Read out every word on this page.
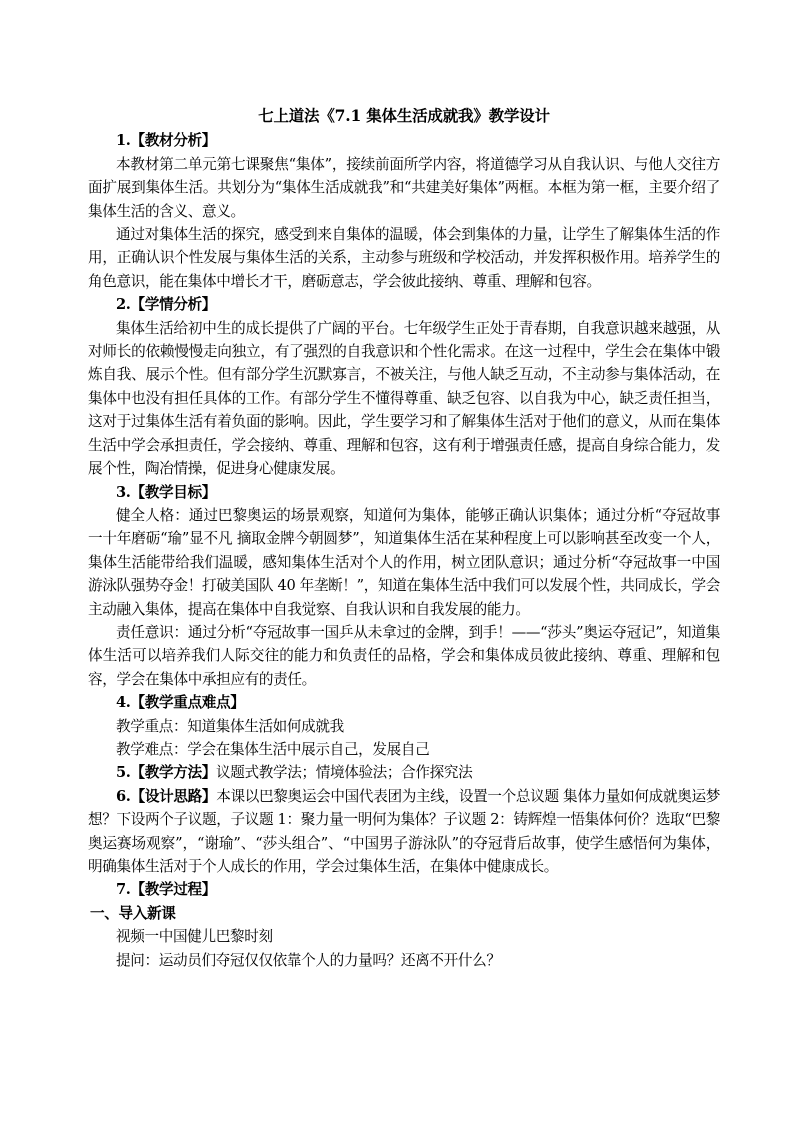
七上道法《7.1 集体生活成就我》教学设计
1.【教材分析】
本教材第二单元第七课聚焦“集体”，接续前面所学内容，将道德学习从自我认识、与他人交往方面扩展到集体生活。共划分为“集体生活成就我”和“共建美好集体”两框。本框为第一框，主要介绍了集体生活的含义、意义。
通过对集体生活的探究，感受到来自集体的温暖，体会到集体的力量，让学生了解集体生活的作用，正确认识个性发展与集体生活的关系，主动参与班级和学校活动，并发挥积极作用。培养学生的角色意识，能在集体中增长才干，磨砺意志，学会彼此接纳、尊重、理解和包容。
2.【学情分析】
集体生活给初中生的成长提供了广阔的平台。七年级学生正处于青春期，自我意识越来越强，从对师长的依赖慢慢走向独立，有了强烈的自我意识和个性化需求。在这一过程中，学生会在集体中锻炼自我、展示个性。但有部分学生沉默寡言，不被关注，与他人缺乏互动，不主动参与集体活动，在集体中也没有担任具体的工作。有部分学生不懂得尊重、缺乏包容、以自我为中心，缺乏责任担当，这对于过集体生活有着负面的影响。因此，学生要学习和了解集体生活对于他们的意义，从而在集体生活中学会承担责任，学会接纳、尊重、理解和包容，这有利于增强责任感，提高自身综合能力，发展个性，陶冶情操，促进身心健康发展。
3.【教学目标】
健全人格：通过巴黎奥运的场景观察，知道何为集体，能够正确认识集体；通过分析“夺冠故事一十年磨砺“瑜”显不凡 摘取金牌今朝圆梦”，知道集体生活在某种程度上可以影响甚至改变一个人，集体生活能带给我们温暖，感知集体生活对个人的作用，树立团队意识；通过分析“夺冠故事一中国游泳队强势夺金！打破美国队 40 年垄断！”，知道在集体生活中我们可以发展个性，共同成长，学会主动融入集体，提高在集体中自我觉察、自我认识和自我发展的能力。
责任意识：通过分析“夺冠故事一国乒从未拿过的金牌，到手！——“莎头”奥运夺冠记”，知道集体生活可以培养我们人际交往的能力和负责任的品格，学会和集体成员彼此接纳、尊重、理解和包容，学会在集体中承担应有的责任。
4.【教学重点难点】
教学重点：知道集体生活如何成就我
教学难点：学会在集体生活中展示自己，发展自己
5.【教学方法】议题式教学法；情境体验法；合作探究法
6.【设计思路】本课以巴黎奥运会中国代表团为主线，设置一个总议题 集体力量如何成就奥运梦想？下设两个子议题，子议题 1：聚力量一明何为集体？子议题 2：铸辉煌一悟集体何价？选取“巴黎奥运赛场观察”，“谢瑜”、“莎头组合”、“中国男子游泳队”的夺冠背后故事，使学生感悟何为集体，明确集体生活对于个人成长的作用，学会过集体生活，在集体中健康成长。
7.【教学过程】
一、导入新课
视频一中国健儿巴黎时刻
提问：运动员们夺冠仅仅依靠个人的力量吗？还离不开什么？
